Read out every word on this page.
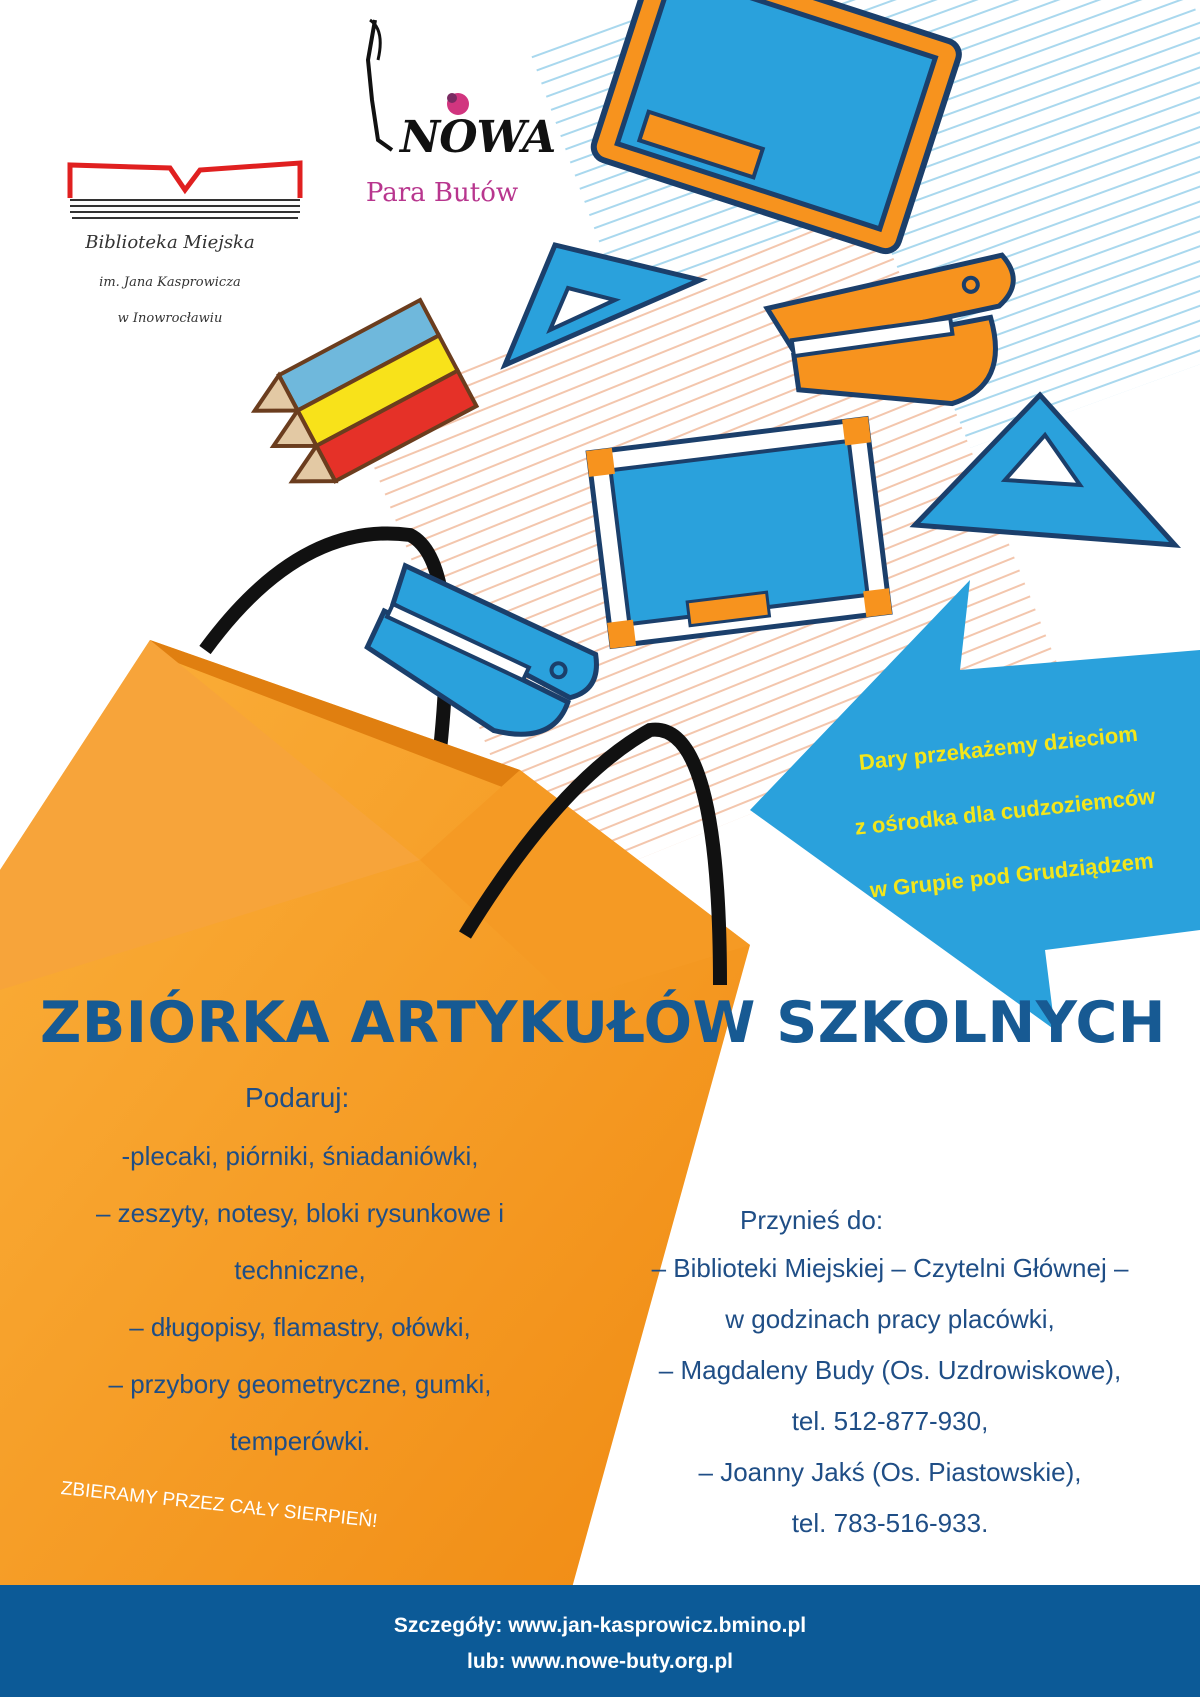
Biblioteka Miejska

im. Jana Kasprowicza

w Inowrocławiu

NOWA
Para Butów

Dary przekażemy dzieciom

z ośrodka dla cudzoziemców

w Grupie pod Grudziądzem

ZBIÓRKA ARTYKUŁÓW SZKOLNYCH
Podaruj:
-plecaki, piórniki, śniadaniówki,
– zeszyty, notesy, bloki rysunkowe i
techniczne,
– długopisy, flamastry, ołówki,
– przybory geometryczne, gumki,
temperówki.
ZBIERAMY PRZEZ CAŁY SIERPIEŃ!
Przynieś do:
– Biblioteki Miejskiej – Czytelni Głównej –
w godzinach pracy placówki,
– Magdaleny Budy (Os. Uzdrowiskowe),
tel. 512-877-930,
– Joanny Jakś (Os. Piastowskie),
tel. 783-516-933.
Szczegóły: www.jan-kasprowicz.bmino.pl
lub: www.nowe-buty.org.pl
